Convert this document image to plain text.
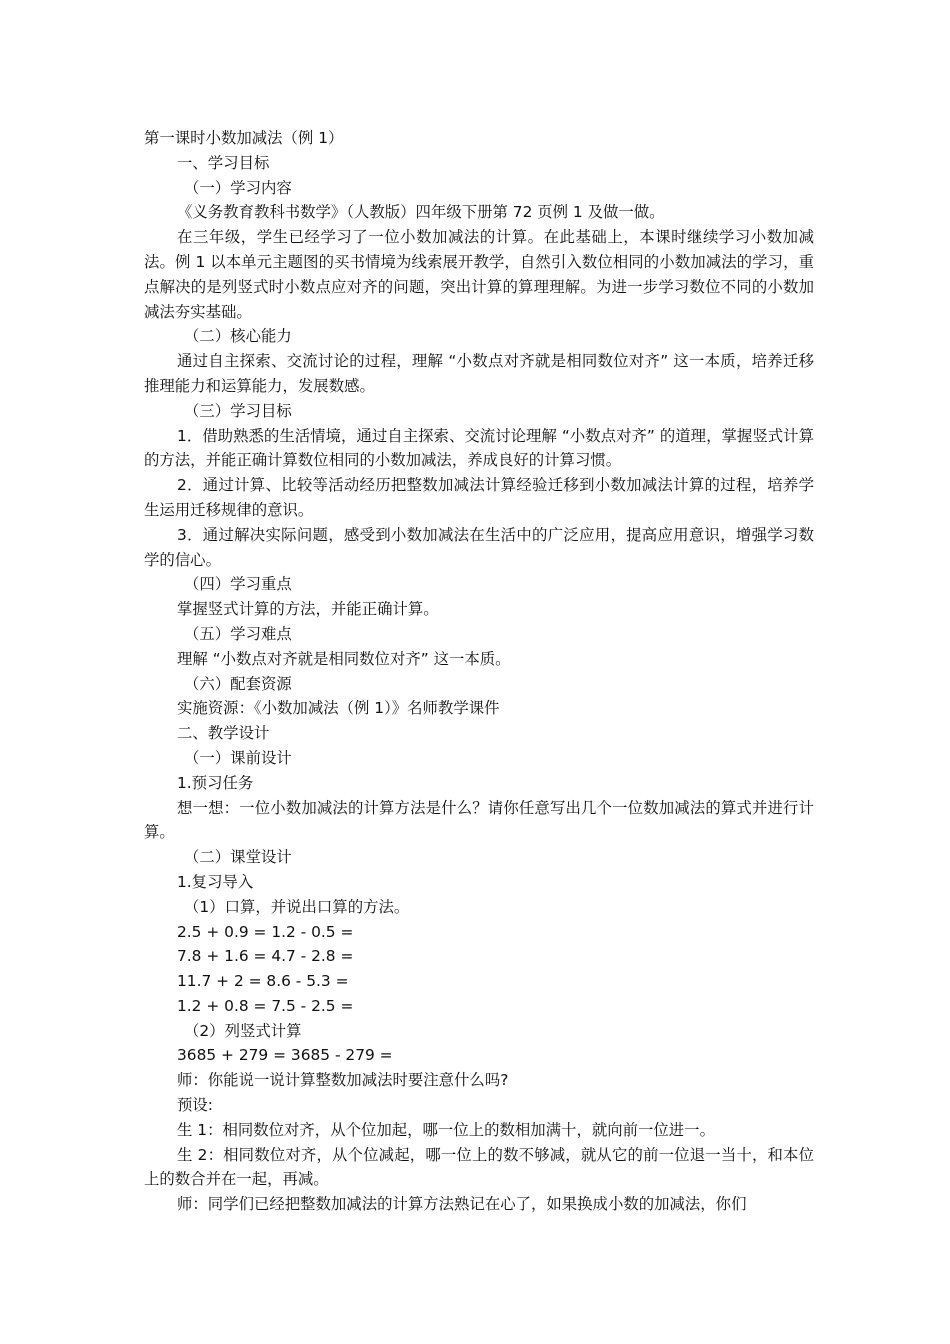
第一课时小数加减法（例 1）
一、学习目标
（一）学习内容
《义务教育教科书数学》（人教版）四年级下册第 72 页例 1 及做一做。

在三年级，学生已经学习了一位小数加减法的计算。在此基础上，本课时继续学习小数加减法。例 1 以本单元主题图的买书情境为线索展开教学，自然引入数位相同的小数加减法的学习，重点解决的是列竖式时小数点应对齐的问题，突出计算的算理理解。为进一步学习数位不同的小数加减法夯实基础。

（二）核心能力

通过自主探索、交流讨论的过程，理解 “小数点对齐就是相同数位对齐” 这一本质，培养迁移推理能力和运算能力，发展数感。

（三）学习目标

1．借助熟悉的生活情境，通过自主探索、交流讨论理解 “小数点对齐” 的道理，掌握竖式计算的方法，并能正确计算数位相同的小数加减法，养成良好的计算习惯。

2．通过计算、比较等活动经历把整数加减法计算经验迁移到小数加减法计算的过程，培养学生运用迁移规律的意识。

3．通过解决实际问题，感受到小数加减法在生活中的广泛应用，提高应用意识，增强学习数学的信心。

（四）学习重点
掌握竖式计算的方法，并能正确计算。
（五）学习难点
理解 “小数点对齐就是相同数位对齐” 这一本质。
（六）配套资源
实施资源：《小数加减法（例 1）》名师教学课件
二、教学设计
（一）课前设计
1.预习任务

想一想：一位小数加减法的计算方法是什么？请你任意写出几个一位数加减法的算式并进行计算。

（二）课堂设计
1.复习导入
（1）口算，并说出口算的方法。
2.5 + 0.9 = 1.2 - 0.5 =
7.8 + 1.6 = 4.7 - 2.8 =
11.7 + 2 = 8.6 - 5.3 =
1.2 + 0.8 = 7.5 - 2.5 =
（2）列竖式计算
3685 + 279 = 3685 - 279 =
师：你能说一说计算整数加减法时要注意什么吗?
预设:

生 1：相同数位对齐，从个位加起，哪一位上的数相加满十，就向前一位进一。

生 2：相同数位对齐，从个位减起，哪一位上的数不够减，就从它的前一位退一当十，和本位上的数合并在一起，再减。

师：同学们已经把整数加减法的计算方法熟记在心了，如果换成小数的加减法，你们
